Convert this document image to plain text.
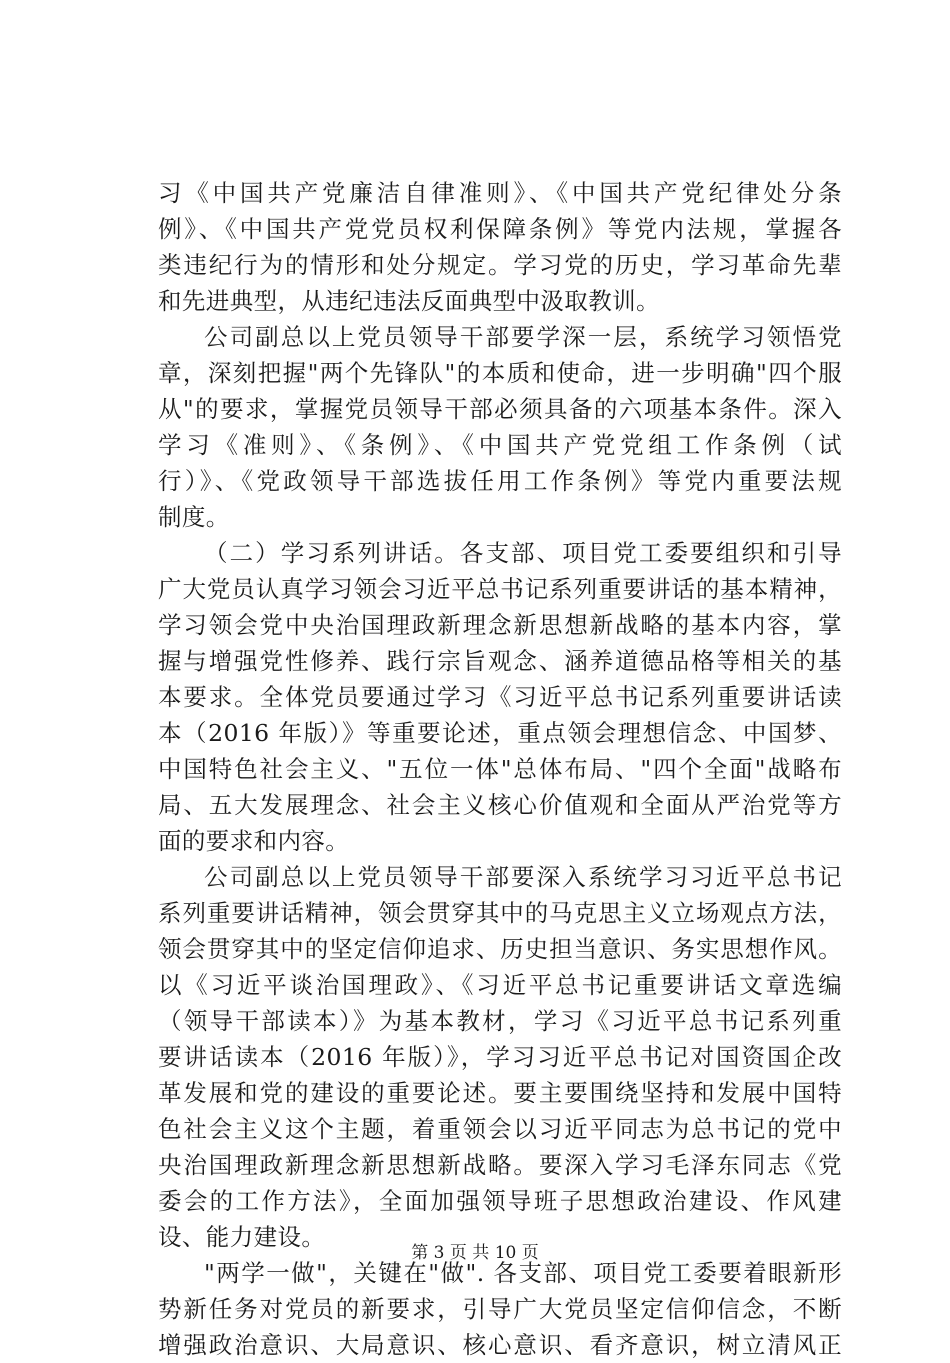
习《中国共产党廉洁自律准则》、《中国共产党纪律处分条
例》、《中国共产党党员权利保障条例》等党内法规，掌握各
类违纪行为的情形和处分规定。学习党的历史，学习革命先辈
和先进典型，从违纪违法反面典型中汲取教训。
公司副总以上党员领导干部要学深一层，系统学习领悟党
章，深刻把握"两个先锋队"的本质和使命，进一步明确"四个服
从"的要求，掌握党员领导干部必须具备的六项基本条件。深入
学习《准则》、《条例》、《中国共产党党组工作条例（试
行）》、《党政领导干部选拔任用工作条例》等党内重要法规
制度。
（二）学习系列讲话。各支部、项目党工委要组织和引导
广大党员认真学习领会习近平总书记系列重要讲话的基本精神，
学习领会党中央治国理政新理念新思想新战略的基本内容，掌
握与增强党性修养、践行宗旨观念、涵养道德品格等相关的基
本要求。全体党员要通过学习《习近平总书记系列重要讲话读
本（2016 年版）》等重要论述，重点领会理想信念、中国梦、
中国特色社会主义、"五位一体"总体布局、"四个全面"战略布
局、五大发展理念、社会主义核心价值观和全面从严治党等方
面的要求和内容。
公司副总以上党员领导干部要深入系统学习习近平总书记
系列重要讲话精神，领会贯穿其中的马克思主义立场观点方法，
领会贯穿其中的坚定信仰追求、历史担当意识、务实思想作风。
以《习近平谈治国理政》、《习近平总书记重要讲话文章选编
（领导干部读本）》为基本教材，学习《习近平总书记系列重
要讲话读本（2016 年版）》，学习习近平总书记对国资国企改
革发展和党的建设的重要论述。要主要围绕坚持和发展中国特
色社会主义这个主题，着重领会以习近平同志为总书记的党中
央治国理政新理念新思想新战略。要深入学习毛泽东同志《党
委会的工作方法》，全面加强领导班子思想政治建设、作风建
设、能力建设。
"两学一做"，关键在"做". 各支部、项目党工委要着眼新形
势新任务对党员的新要求，引导广大党员坚定信仰信念，不断
增强政治意识、大局意识、核心意识、看齐意识，树立清风正
第 3 页 共 10 页
